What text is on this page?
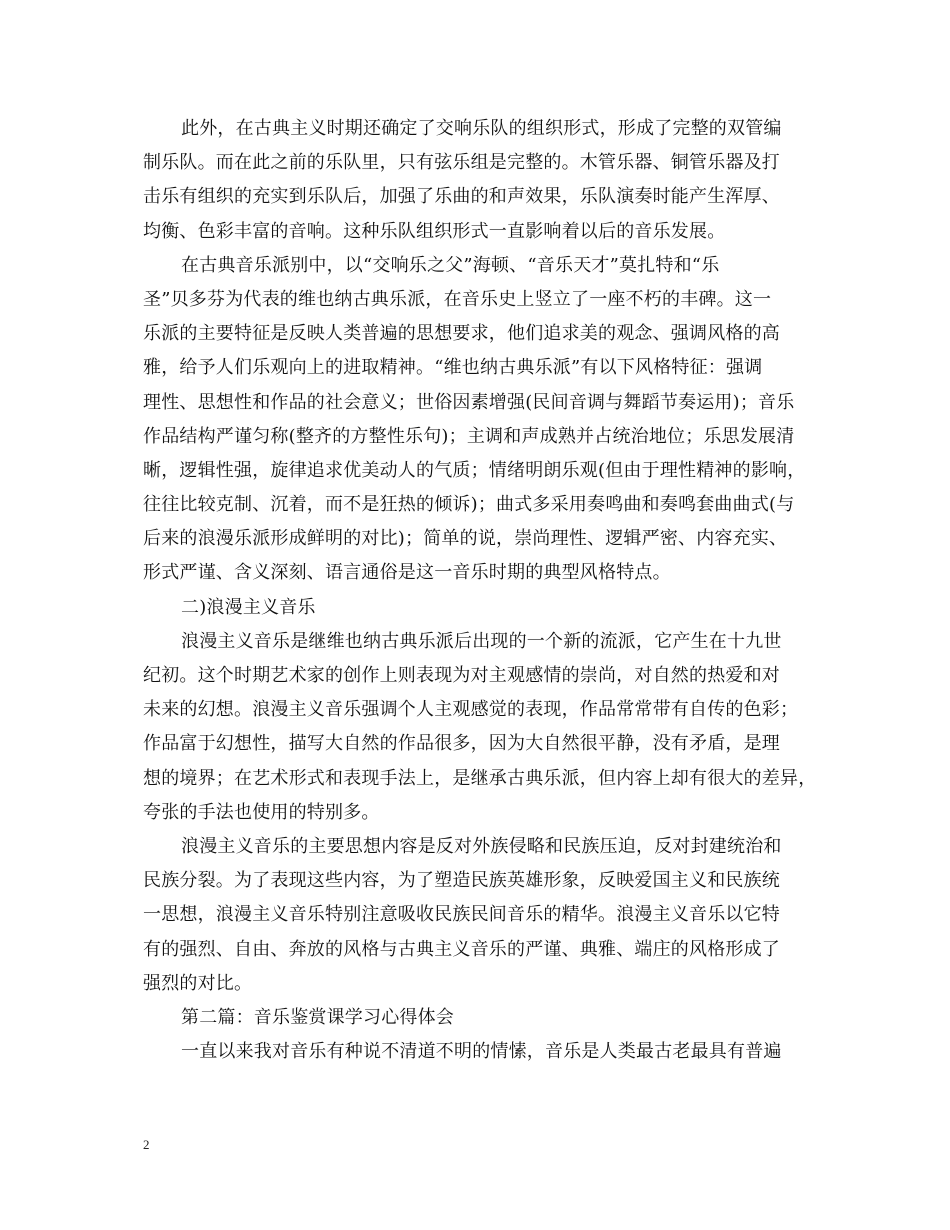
此外，在古典主义时期还确定了交响乐队的组织形式，形成了完整的双管编
制乐队。而在此之前的乐队里，只有弦乐组是完整的。木管乐器、铜管乐器及打
击乐有组织的充实到乐队后，加强了乐曲的和声效果，乐队演奏时能产生浑厚、
均衡、色彩丰富的音响。这种乐队组织形式一直影响着以后的音乐发展。
在古典音乐派别中，以“交响乐之父”海顿、“音乐天才”莫扎特和“乐
圣”贝多芬为代表的维也纳古典乐派，在音乐史上竖立了一座不朽的丰碑。这一
乐派的主要特征是反映人类普遍的思想要求，他们追求美的观念、强调风格的高
雅，给予人们乐观向上的进取精神。“维也纳古典乐派”有以下风格特征：强调
理性、思想性和作品的社会意义；世俗因素增强(民间音调与舞蹈节奏运用)；音乐
作品结构严谨匀称(整齐的方整性乐句)；主调和声成熟并占统治地位；乐思发展清
晰，逻辑性强，旋律追求优美动人的气质；情绪明朗乐观(但由于理性精神的影响，
往往比较克制、沉着，而不是狂热的倾诉)；曲式多采用奏鸣曲和奏鸣套曲曲式(与
后来的浪漫乐派形成鲜明的对比)；简单的说，崇尚理性、逻辑严密、内容充实、
形式严谨、含义深刻、语言通俗是这一音乐时期的典型风格特点。
二)浪漫主义音乐
浪漫主义音乐是继维也纳古典乐派后出现的一个新的流派，它产生在十九世
纪初。这个时期艺术家的创作上则表现为对主观感情的崇尚，对自然的热爱和对
未来的幻想。浪漫主义音乐强调个人主观感觉的表现，作品常常带有自传的色彩；
作品富于幻想性，描写大自然的作品很多，因为大自然很平静，没有矛盾，是理
想的境界；在艺术形式和表现手法上，是继承古典乐派，但内容上却有很大的差异，
夸张的手法也使用的特别多。
浪漫主义音乐的主要思想内容是反对外族侵略和民族压迫，反对封建统治和
民族分裂。为了表现这些内容，为了塑造民族英雄形象，反映爱国主义和民族统
一思想，浪漫主义音乐特别注意吸收民族民间音乐的精华。浪漫主义音乐以它特
有的强烈、自由、奔放的风格与古典主义音乐的严谨、典雅、端庄的风格形成了
强烈的对比。
第二篇：音乐鉴赏课学习心得体会
一直以来我对音乐有种说不清道不明的情愫，音乐是人类最古老最具有普遍
2
